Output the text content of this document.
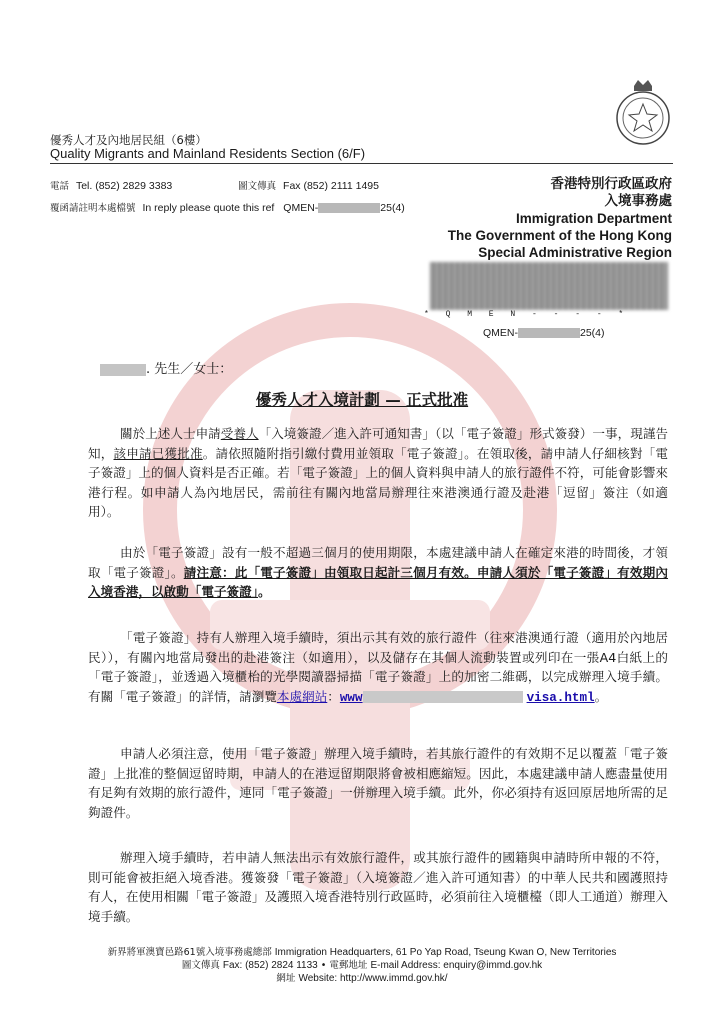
優秀人才及內地居民組（6樓）
Quality Migrants and Mainland Residents Section (6/F)
電話 Tel. (852) 2829 3383	圖文傳真 Fax (852) 2111 1495
覆函請註明本處檔號 In reply please quote this ref QMEN-	25(4)
香港特別行政區政府
入境事務處
Immigration Department
The Government of the Hong Kong
Special Administrative Region
* Q M E N - - - - *
QMEN-	25(4)
. 先生／女士：
優秀人才入境計劃 — 正式批准
關於上述人士申請受養人「入境簽證／進入許可通知書」（以「電子簽證」形式簽發）一事，現謹告知，該申請已獲批准。請依照隨附指引繳付費用並領取「電子簽證」。在領取後，請申請人仔細核對「電子簽證」上的個人資料是否正確。若「電子簽證」上的個人資料與申請人的旅行證件不符，可能會影響來港行程。如申請人為內地居民，需前往有關內地當局辦理往來港澳通行證及赴港「逗留」簽注（如適用）。
由於「電子簽證」設有一般不超過三個月的使用期限，本處建議申請人在確定來港的時間後，才領取「電子簽證」。請注意：此「電子簽證」由領取日起計三個月有效。申請人須於「電子簽證」有效期內入境香港，以啟動「電子簽證」。
「電子簽證」持有人辦理入境手續時，須出示其有效的旅行證件（往來港澳通行證（適用於內地居民）），有關內地當局發出的赴港簽注（如適用），以及儲存在其個人流動裝置或列印在一張A4白紙上的「電子簽證」，並透過入境櫃枱的光學閱讀器掃描「電子簽證」上的加密二維碼，以完成辦理入境手續。有關「電子簽證」的詳情，請瀏覽本處網站：www	visa.html。
申請人必須注意，使用「電子簽證」辦理入境手續時，若其旅行證件的有效期不足以覆蓋「電子簽證」上批准的整個逗留時期，申請人的在港逗留期限將會被相應縮短。因此，本處建議申請人應盡量使用有足夠有效期的旅行證件，連同「電子簽證」一併辦理入境手續。此外，你必須持有返回原居地所需的足夠證件。
辦理入境手續時，若申請人無法出示有效旅行證件，或其旅行證件的國籍與申請時所申報的不符，則可能會被拒絕入境香港。獲簽發「電子簽證」（入境簽證／進入許可通知書）的中華人民共和國護照持有人，在使用相關「電子簽證」及護照入境香港特別行政區時，必須前往入境櫃檯（即人工通道）辦理入境手續。
新界將軍澳寶邑路61號入境事務處總部 Immigration Headquarters, 61 Po Yap Road, Tseung Kwan O, New Territories
圖文傳真 Fax: (852) 2824 1133 • 電郵地址 E-mail Address: enquiry@immd.gov.hk
網址 Website: http://www.immd.gov.hk/
